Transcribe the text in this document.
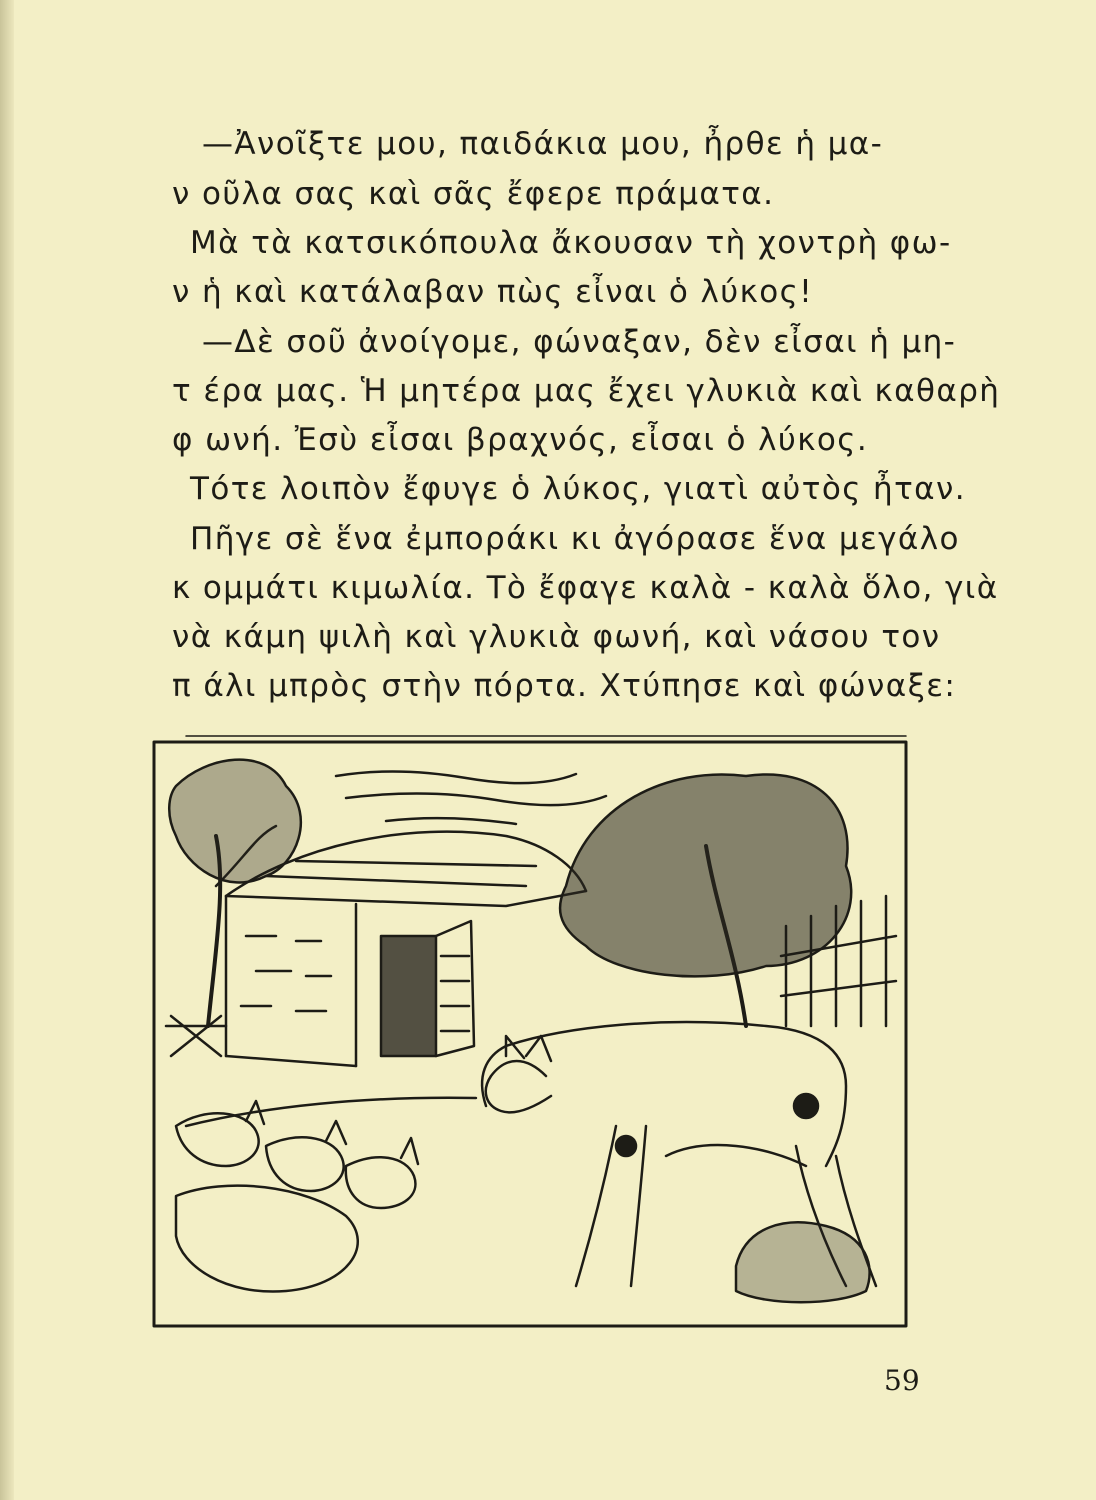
—Ἀνοῖξτε μου, παιδάκια μου, ἦρθε ἡ μα-
ν οῦλα σας καὶ σᾶς ἔφερε πράματα.
Μὰ τὰ κατσικόπουλα ἄκουσαν τὴ χοντρὴ φω-
ν ἡ καὶ κατάλαβαν πὼς εἶναι ὁ λύκος!
—Δὲ σοῦ ἀνοίγομε, φώναξαν, δὲν εἶσαι ἡ μη-
τ έρα μας. Ἡ μητέρα μας ἔχει γλυκιὰ καὶ καθαρὴ
φ ωνή. Ἐσὺ εἶσαι βραχνός, εἶσαι ὁ λύκος.
Τότε λοιπὸν ἔφυγε ὁ λύκος, γιατὶ αὐτὸς ἦταν.
Πῆγε σὲ ἕνα ἐμποράκι κι ἀγόρασε ἕνα μεγάλο
κ ομμάτι κιμωλία. Τὸ ἔφαγε καλὰ - καλὰ ὅλο, γιὰ
νὰ κάμη ψιλὴ καὶ γλυκιὰ φωνή, καὶ νάσου τον
π άλι μπρὸς στὴν πόρτα. Χτύπησε καὶ φώναξε:
59
